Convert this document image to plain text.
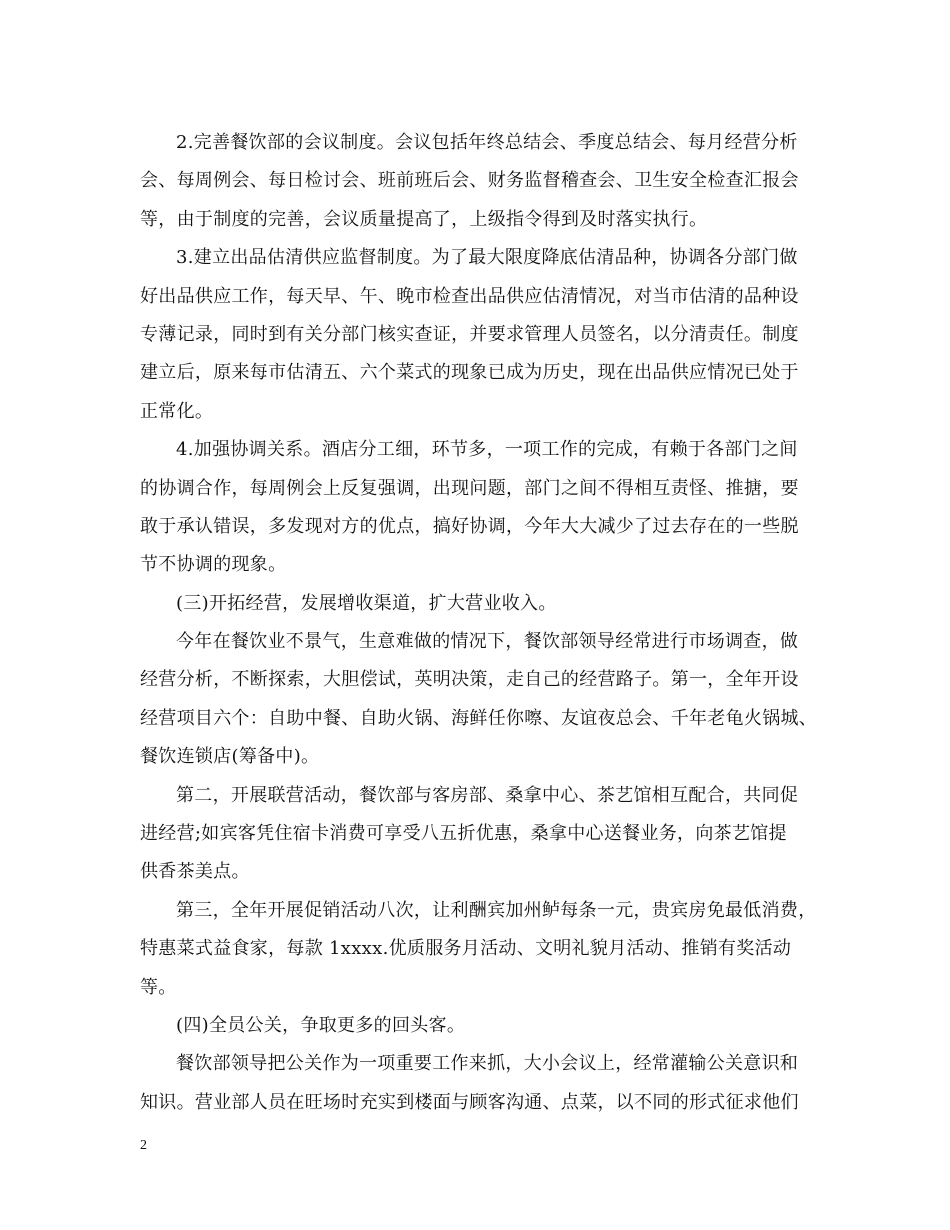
2.完善餐饮部的会议制度。会议包括年终总结会、季度总结会、每月经营分析
会、每周例会、每日检讨会、班前班后会、财务监督稽查会、卫生安全检查汇报会
等，由于制度的完善，会议质量提高了，上级指令得到及时落实执行。
3.建立出品估清供应监督制度。为了最大限度降底估清品种，协调各分部门做
好出品供应工作，每天早、午、晚市检查出品供应估清情况，对当市估清的品种设
专薄记录，同时到有关分部门核实查证，并要求管理人员签名，以分清责任。制度
建立后，原来每市估清五、六个菜式的现象已成为历史，现在出品供应情况已处于
正常化。
4.加强协调关系。酒店分工细，环节多，一项工作的完成，有赖于各部门之间
的协调合作，每周例会上反复强调，出现问题，部门之间不得相互责怪、推搪，要
敢于承认错误，多发现对方的优点，搞好协调，今年大大减少了过去存在的一些脱
节不协调的现象。
(三)开拓经营，发展增收渠道，扩大营业收入。
今年在餐饮业不景气，生意难做的情况下，餐饮部领导经常进行市场调查，做
经营分析，不断探索，大胆偿试，英明决策，走自己的经营路子。第一，全年开设
经营项目六个：自助中餐、自助火锅、海鲜任你嚓、友谊夜总会、千年老龟火锅城、
餐饮连锁店(筹备中)。
第二，开展联营活动，餐饮部与客房部、桑拿中心、茶艺馆相互配合，共同促
进经营;如宾客凭住宿卡消费可享受八五折优惠，桑拿中心送餐业务，向茶艺馆提
供香茶美点。
第三，全年开展促销活动八次，让利酬宾加州鲈每条一元，贵宾房免最低消费，
特惠菜式益食家，每款 1xxxx.优质服务月活动、文明礼貌月活动、推销有奖活动
等。
(四)全员公关，争取更多的回头客。
餐饮部领导把公关作为一项重要工作来抓，大小会议上，经常灌输公关意识和
知识。营业部人员在旺场时充实到楼面与顾客沟通、点菜，以不同的形式征求他们
2
